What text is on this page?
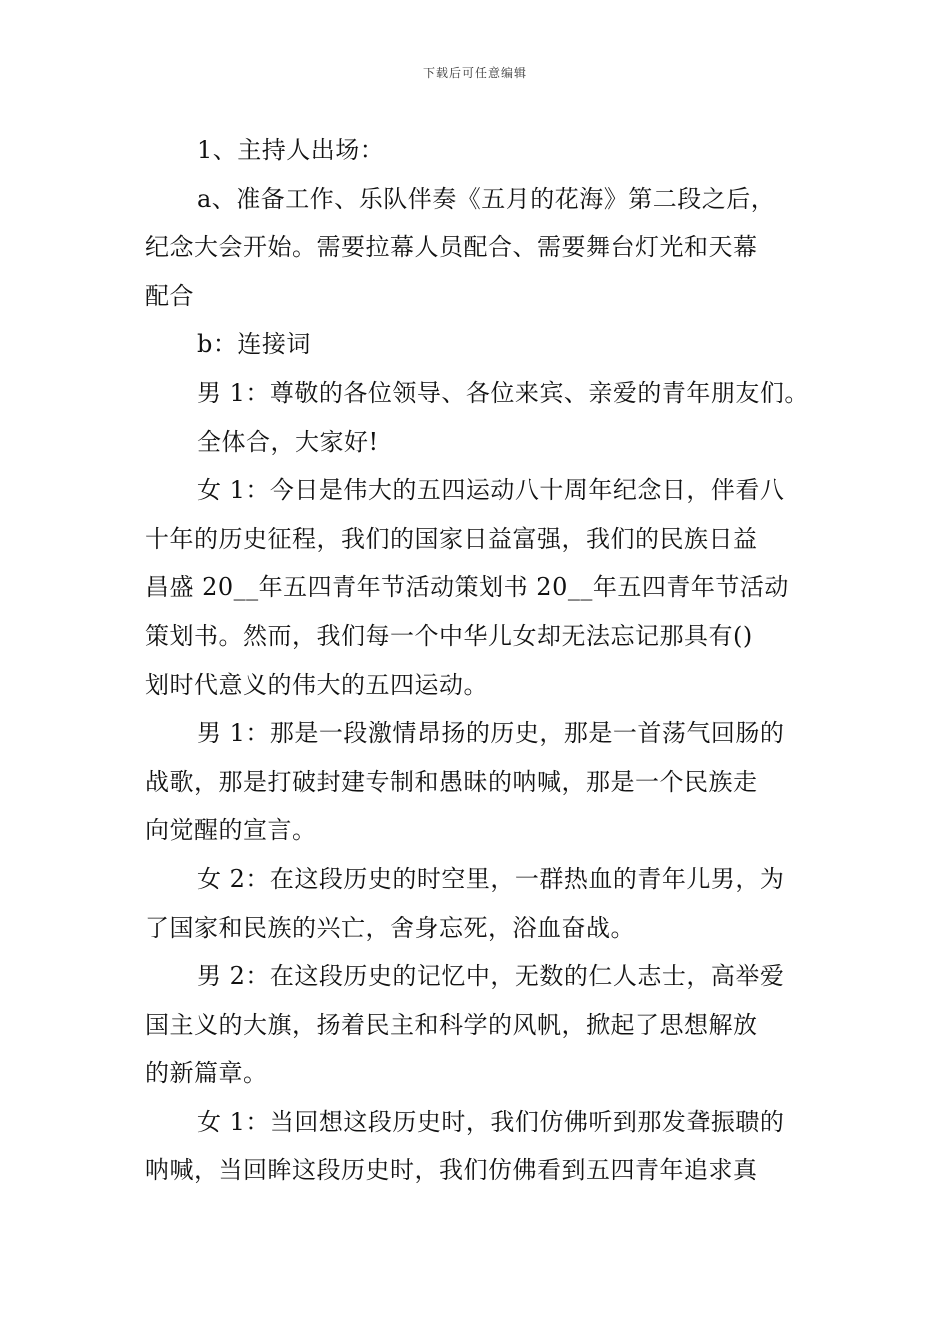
下载后可任意编辑
1、主持人出场：
a、准备工作、乐队伴奏《五月的花海》第二段之后，
纪念大会开始。需要拉幕人员配合、需要舞台灯光和天幕
配合
b：连接词
男 1：尊敬的各位领导、各位来宾、亲爱的青年朋友们。
全体合，大家好!
女 1：今日是伟大的五四运动八十周年纪念日，伴看八
十年的历史征程，我们的国家日益富强，我们的民族日益
昌盛 20__年五四青年节活动策划书 20__年五四青年节活动
策划书。然而，我们每一个中华儿女却无法忘记那具有()
划时代意义的伟大的五四运动。
男 1：那是一段激情昂扬的历史，那是一首荡气回肠的
战歌，那是打破封建专制和愚昧的呐喊，那是一个民族走
向觉醒的宣言。
女 2：在这段历史的时空里，一群热血的青年儿男，为
了国家和民族的兴亡，舍身忘死，浴血奋战。
男 2：在这段历史的记忆中，无数的仁人志士，高举爱
国主义的大旗，扬着民主和科学的风帆，掀起了思想解放
的新篇章。
女 1：当回想这段历史时，我们仿佛听到那发聋振聩的
呐喊，当回眸这段历史时，我们仿佛看到五四青年追求真
